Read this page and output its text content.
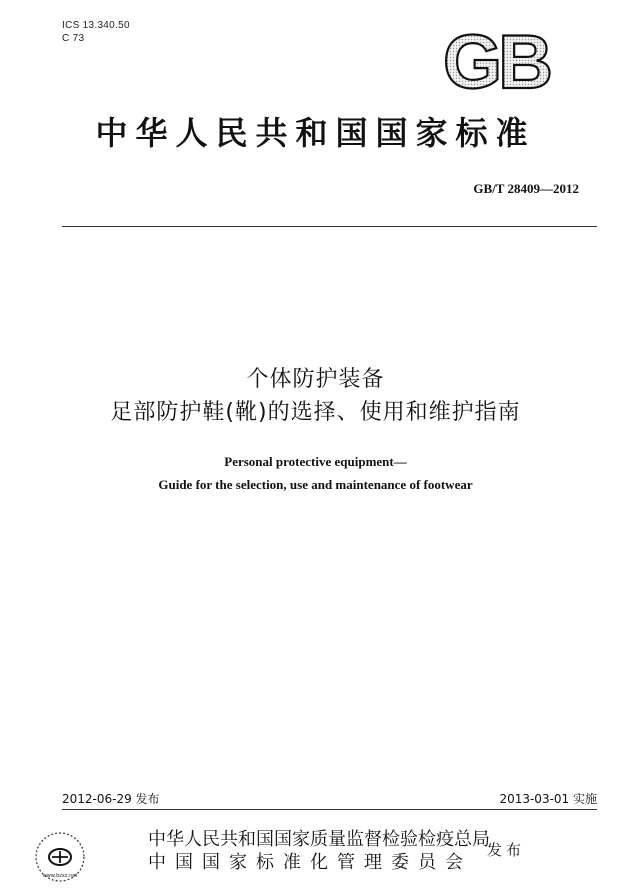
ICS 13.340.50
C 73	GB
中华人民共和国国家标准
GB/T 28409—2012
个体防护装备
足部防护鞋(靴)的选择、使用和维护指南
Personal protective equipment—
Guide for the selection, use and maintenance of footwear
2012-06-29 发布	2013-03-01 实施
www.bzxz.net
中华人民共和国国家质量监督检验检疫总局
中国国家标准化管理委员会
发布
